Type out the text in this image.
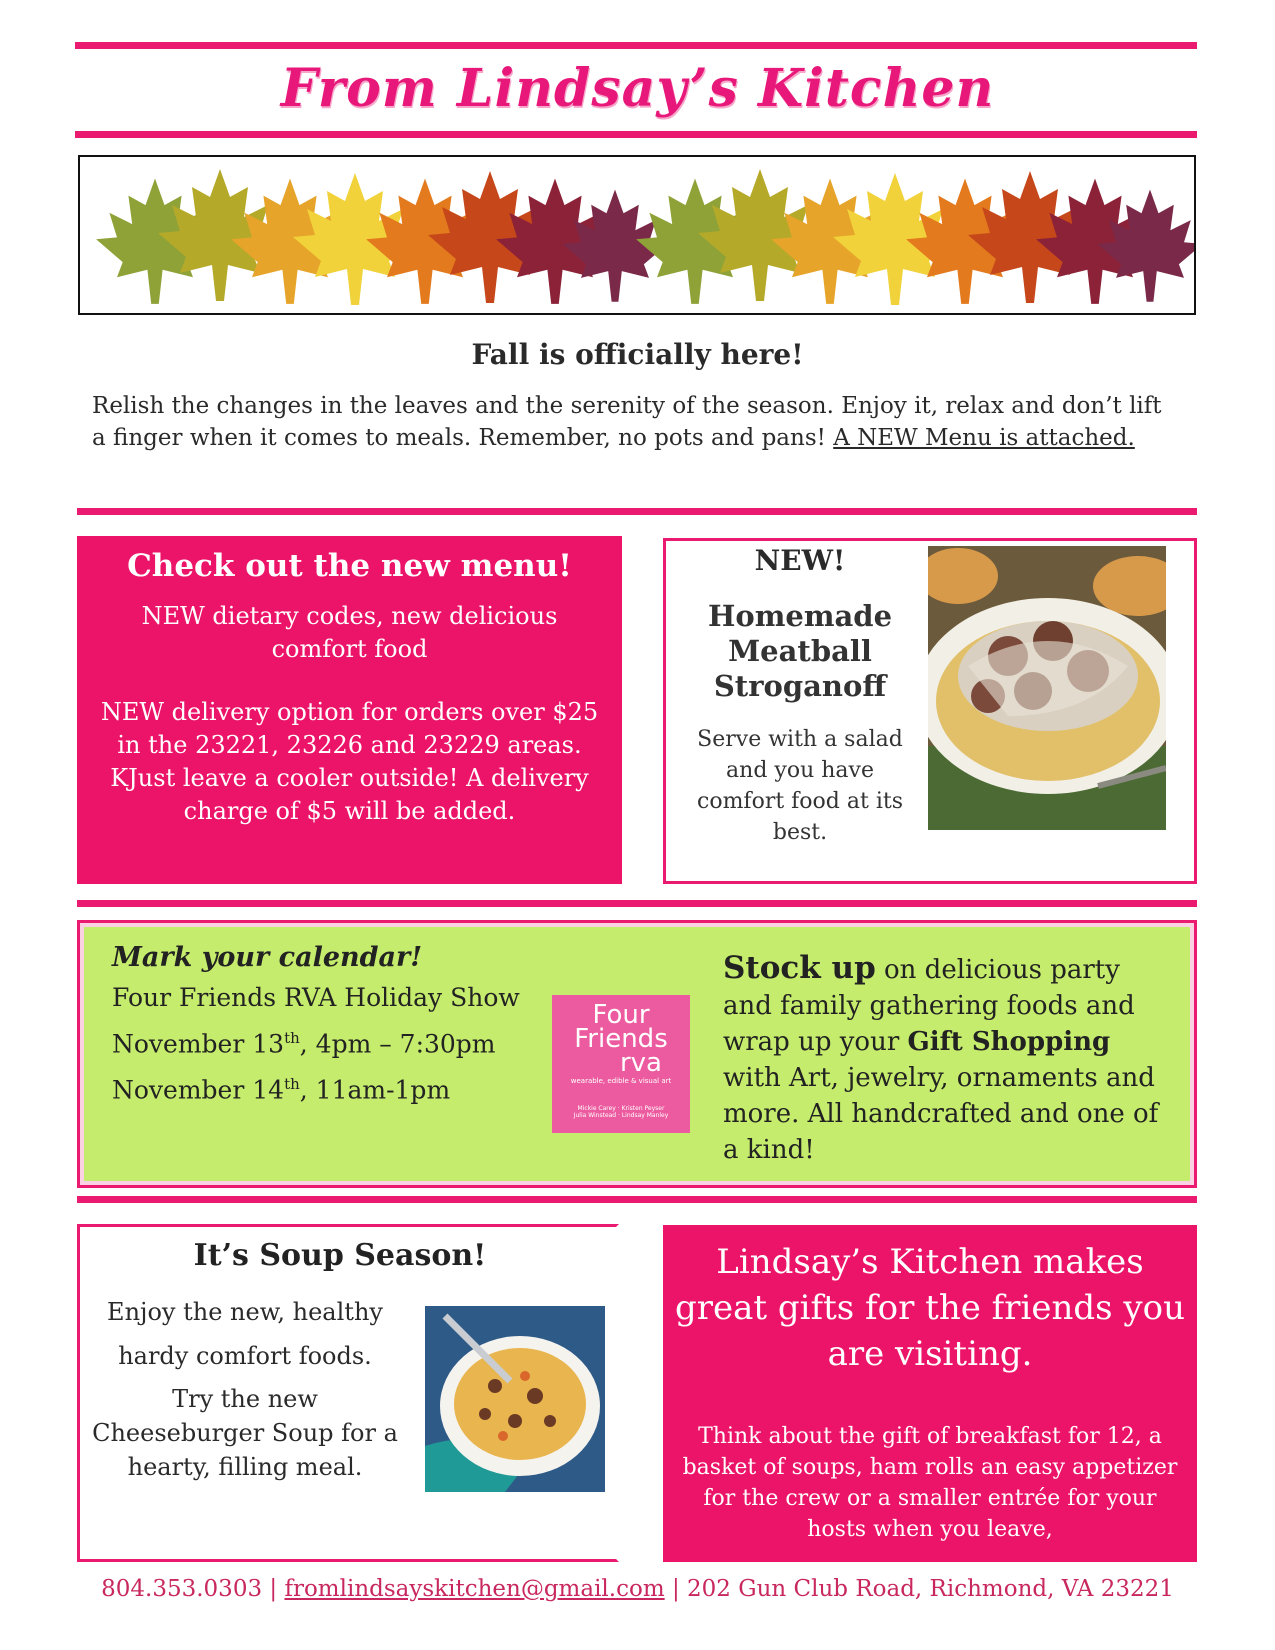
From Lindsay’s Kitchen
Fall is officially here!
Relish the changes in the leaves and the serenity of the season. Enjoy it, relax and don’t lift a finger when it comes to meals. Remember, no pots and pans! A NEW Menu is attached.
Check out the new menu!

NEW dietary codes, new delicious comfort food

NEW delivery option for orders over $25 in the 23221, 23226 and 23229 areas. KJust leave a cooler outside! A delivery charge of $5 will be added.

NEW!
Homemade Meatball Stroganoff
Serve with a salad and you have comfort food at its best.
Mark your calendar!
Four Friends RVA Holiday Show
November 13th, 4pm – 7:30pm
November 14th, 11am-1pm
Four
Friends
rva
wearable, edible & visual art
Mickie Carey · Kristen Peyser
Julia Winstead · Lindsay Manley
Stock up on delicious party and family gathering foods and wrap up your Gift Shopping with Art, jewelry, ornaments and more. All handcrafted and one of a kind!
It’s Soup Season!

Enjoy the new, healthy hardy comfort foods.

Try the new Cheeseburger Soup for a hearty, filling meal.

Lindsay’s Kitchen makes great gifts for the friends you are visiting.
Think about the gift of breakfast for 12, a basket of soups, ham rolls an easy appetizer for the crew or a smaller entrée for your hosts when you leave,
804.353.0303 | fromlindsayskitchen@gmail.com | 202 Gun Club Road, Richmond, VA 23221
